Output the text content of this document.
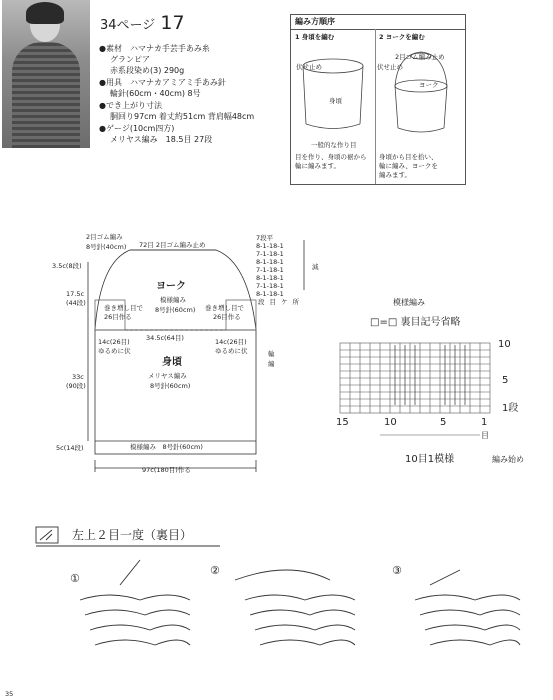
34ページ 17
●素材　ハマナカ手芸手あみ糸
グランピア
赤系段染め(3) 290g
●用具　ハマナカアミアミ手あみ針
輪針(60cm・40cm) 8号
●でき上がり寸法
胴回り97cm 着丈約51cm 背肩幅48cm
●ゲージ(10cm四方)
メリヤス編み　18.5目 27段
編み方順序
1 身頃を編む	2 ヨークを編む
伏せ止め
身頃
一般的な作り目
目を作り、身頃の裾から
輪に編みます。
2目ゴム編み止め
伏せ止め
ヨーク
身頃から目を拾い、
輪に編み、ヨークを
編みます。
2目ゴム編み
8号針(40cm) 72目 2目ゴム編み止め
3.5c(8段)
17.5c
(44段)
ヨーク
模様編み
8号針(60cm)
巻き増し目で
26目作る
巻き増し目で
26目作る
34.5c(64目)
14c(26目)
ゆるめに伏
14c(26目)
ゆるめに伏
身頃
メリヤス編み
8号針(60cm)
33c
(90段)
5c(14段)	模様編み　8号針(60cm)
97c(180目)作る
輪
編
7段平
8-1-18-1
7-1-18-1
8-1-18-1
7-1-18-1
8-1-18-1
7-1-18-1
8-1-18-1
段 目 ケ 所
減
模様編み
□=□ 裏目記号省略
10
5
1段
15	10	5	1
目
10目1模様	編み始め
左上２目一度（裏目）
①
②	③
35
